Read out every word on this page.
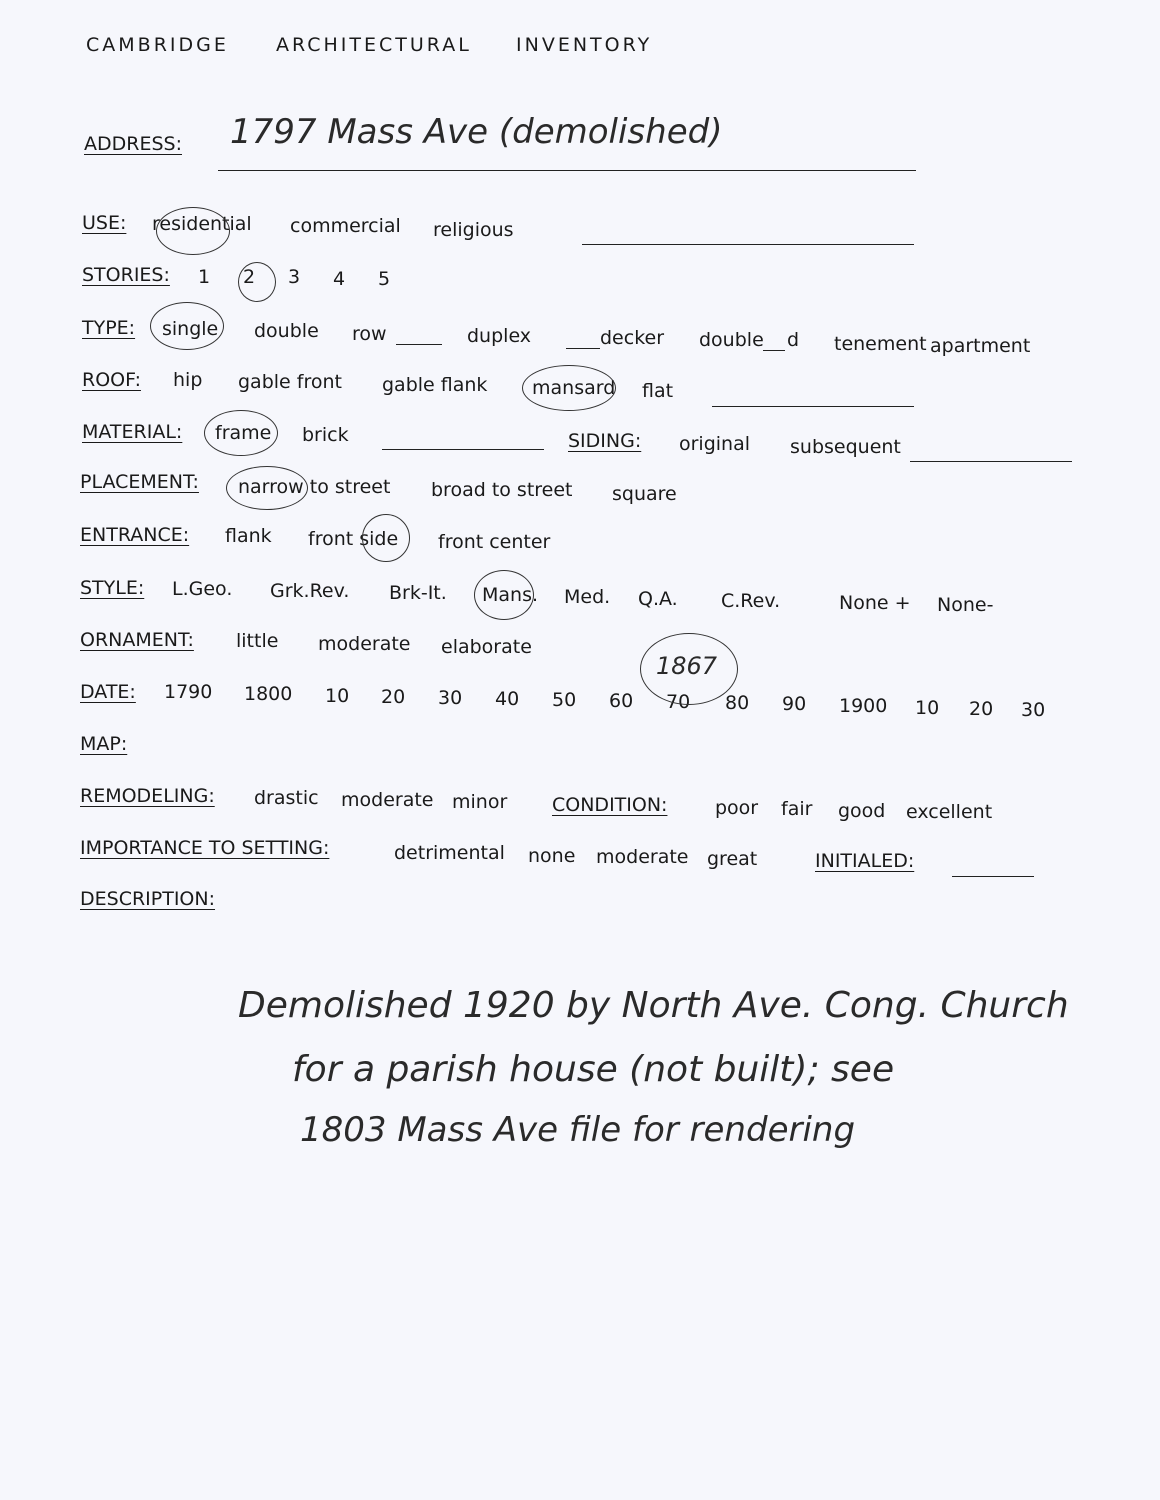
CAMBRIDGE ARCHITECTURAL INVENTORY
ADDRESS: 1797 Mass Ave (demolished)
USE: residential commercial religious
STORIES: 1 2 3 4 5
TYPE: single double row	duplex	decker double d tenement apartment
ROOF: hip gable front gable flank mansard flat
MATERIAL: frame brick	SIDING: original subsequent
PLACEMENT: narrow to street broad to street square
ENTRANCE: flank front side front center
STYLE: L.Geo. Grk.Rev. Brk-It. Mans. Med. Q.A. C.Rev.	None + None-
ORNAMENT: little moderate elaborate
DATE: 1790 1800 10 20 30 40 50 60 70 80 90 1900 10 20 30
1867
MAP:
REMODELING: drastic moderate minor CONDITION:	poor fair good excellent
IMPORTANCE TO SETTING:	detrimental none moderate great	INITIALED:
DESCRIPTION:
Demolished 1920 by North Ave. Cong. Church
for a parish house (not built); see
1803 Mass Ave file for rendering
